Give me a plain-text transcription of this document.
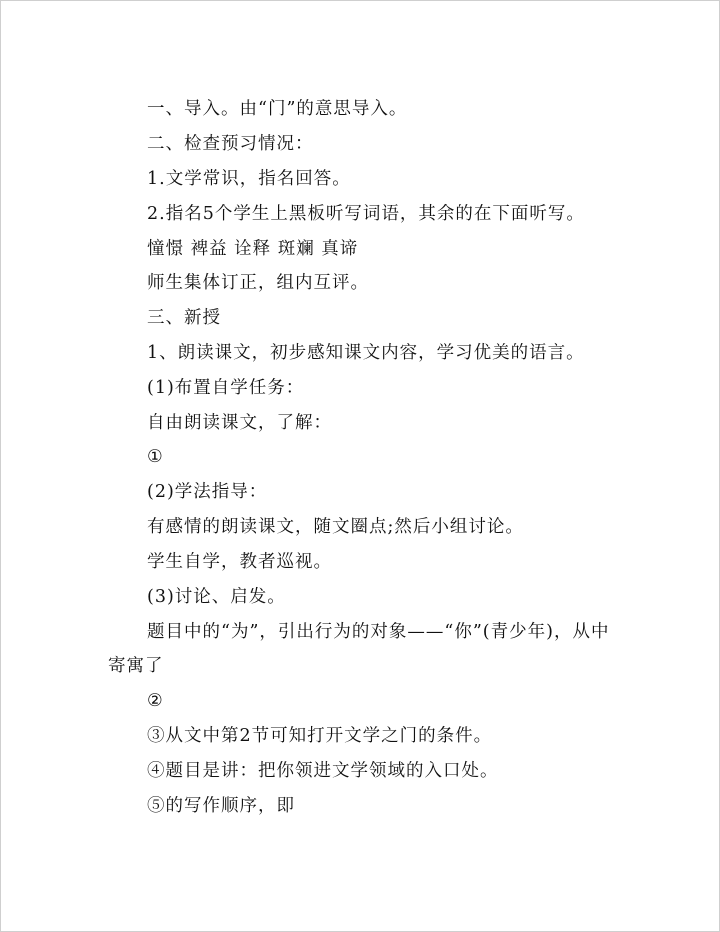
一、导入。由“门”的意思导入。
二、检查预习情况：
1.文学常识，指名回答。
2.指名5个学生上黑板听写词语，其余的在下面听写。
憧憬 裨益 诠释 斑斓 真谛
师生集体订正，组内互评。
三、新授
1、朗读课文，初步感知课文内容，学习优美的语言。
(1)布置自学任务：
自由朗读课文，了解：
①
(2)学法指导：
有感情的朗读课文，随文圈点;然后小组讨论。
学生自学，教者巡视。
(3)讨论、启发。
题目中的“为”，引出行为的对象——“你”(青少年)，从中
寄寓了
②
③从文中第2节可知打开文学之门的条件。
④题目是讲：把你领进文学领域的入口处。
⑤的写作顺序，即
